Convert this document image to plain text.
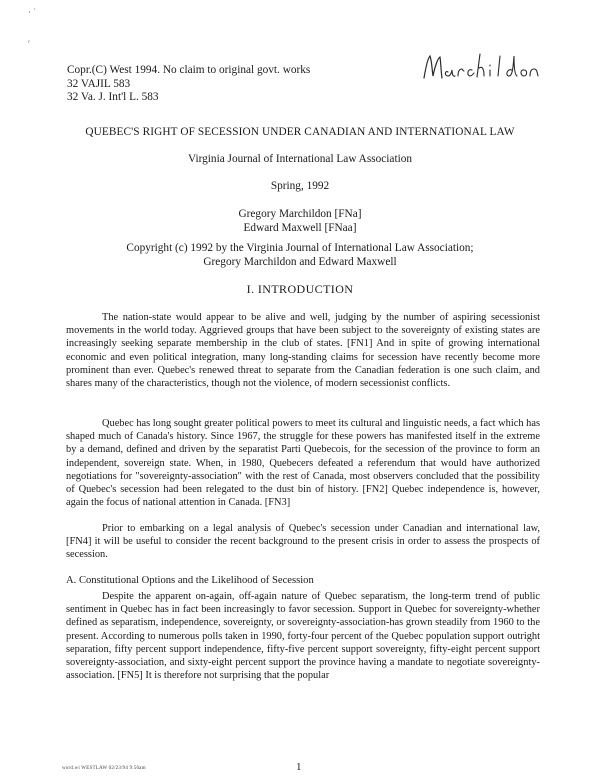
· ˙

′
Copr.(C) West 1994. No claim to original govt. works
32 VAJIL 583
32 Va. J. Int'l L. 583
QUEBEC'S RIGHT OF SECESSION UNDER CANADIAN AND INTERNATIONAL LAW
Virginia Journal of International Law Association
Spring, 1992
Gregory Marchildon [FNa]
Edward Maxwell [FNaa]
Copyright (c) 1992 by the Virginia Journal of International Law Association;
Gregory Marchildon and Edward Maxwell
I. INTRODUCTION

The nation-state would appear to be alive and well, judging by the number of aspiring secessionist movements in the world today. Aggrieved groups that have been subject to the sovereignty of existing states are increasingly seeking separate membership in the club of states. [FN1] And in spite of growing international economic and even political integration, many long-standing claims for secession have recently become more prominent than ever. Quebec's renewed threat to separate from the Canadian federation is one such claim, and shares many of the characteristics, though not the violence, of modern secessionist conflicts.

Quebec has long sought greater political powers to meet its cultural and linguistic needs, a fact which has shaped much of Canada's history. Since 1967, the struggle for these powers has manifested itself in the extreme by a demand, defined and driven by the separatist Parti Quebecois, for the secession of the province to form an independent, sovereign state. When, in 1980, Quebecers defeated a referendum that would have authorized negotiations for "sovereignty-association" with the rest of Canada, most observers concluded that the possibility of Quebec's secession had been relegated to the dust bin of history. [FN2] Quebec independence is, however, again the focus of national attention in Canada. [FN3]

Prior to embarking on a legal analysis of Quebec's secession under Canadian and international law, [FN4] it will be useful to consider the recent background to the present crisis in order to assess the prospects of secession.

A. Constitutional Options and the Likelihood of Secession

Despite the apparent on-again, off-again nature of Quebec separatism, the long-term trend of public sentiment in Quebec has in fact been increasingly to favor secession. Support in Quebec for sovereignty-whether defined as separatism, independence, sovereignty, or sovereignty-association-has grown steadily from 1960 to the present. According to numerous polls taken in 1990, forty-four percent of the Quebec population support outright separation, fifty percent support independence, fifty-five percent support sovereignty, fifty-eight percent support sovereignty-association, and sixty-eight percent support the province having a mandate to negotiate sovereignty-association. [FN5] It is therefore not surprising that the popular

word.wi WESTLAW 02/23/94 9:56am	1
